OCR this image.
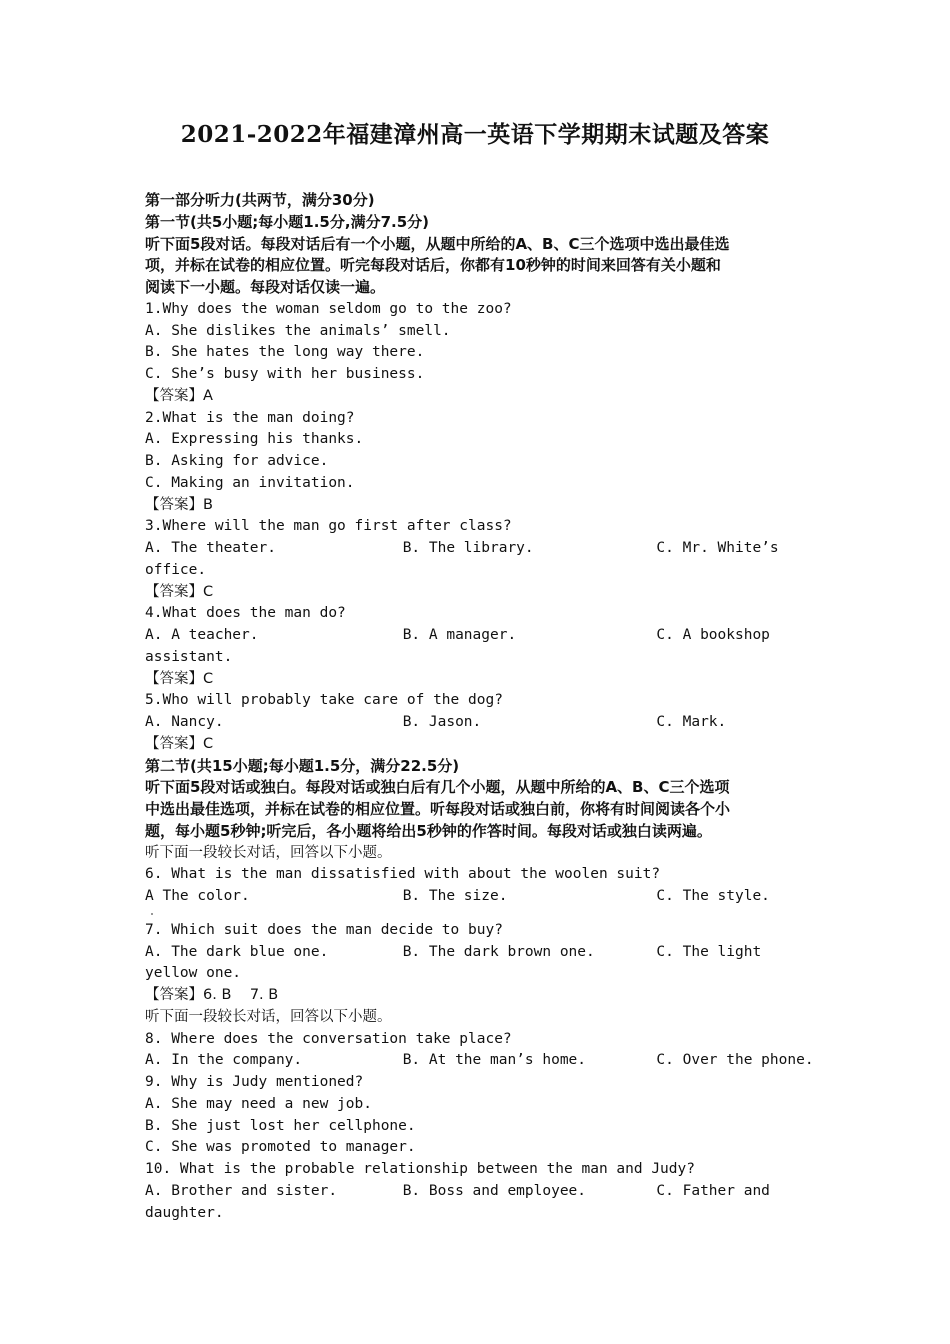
2021-2022年福建漳州高一英语下学期期末试题及答案
第一部分听力(共两节，满分30分)
第一节(共5小题;每小题1.5分,满分7.5分)
听下面5段对话。每段对话后有一个小题，从题中所给的A、B、C三个选项中选出最佳选
项，并标在试卷的相应位置。听完每段对话后，你都有10秒钟的时间来回答有关小题和
阅读下一小题。每段对话仅读一遍。
1.Why does the woman seldom go to the zoo?
A. She dislikes the animals’ smell.
B. She hates the long way there.
C. She’s busy with her business.
【答案】A
2.What is the man doing?
A. Expressing his thanks.
B. Asking for advice.
C. Making an invitation.
【答案】B
3.Where will the man go first after class?
A. The theater.	B. The library.	C. Mr. White’s
office.
【答案】C
4.What does the man do?
A. A teacher.	B. A manager.	C. A bookshop
assistant.
【答案】C
5.Who will probably take care of the dog?
A. Nancy.	B. Jason.	C. Mark.
【答案】C
第二节(共15小题;每小题1.5分，满分22.5分)
听下面5段对话或独白。每段对话或独白后有几个小题，从题中所给的A、B、C三个选项
中选出最佳选项，并标在试卷的相应位置。听每段对话或独白前，你将有时间阅读各个小
题，每小题5秒钟;听完后，各小题将给出5秒钟的作答时间。每段对话或独白读两遍。
听下面一段较长对话，回答以下小题。
6. What is the man dissatisfied with about the woolen suit?
A The color.	B. The size.	C. The style.
7. Which suit does the man decide to buy?
A. The dark blue one.	B. The dark brown one.	C. The light
yellow one.
【答案】6. B    7. B
听下面一段较长对话，回答以下小题。
8. Where does the conversation take place?
A. In the company.	B. At the man’s home.	C. Over the phone.
9. Why is Judy mentioned?
A. She may need a new job.
B. She just lost her cellphone.
C. She was promoted to manager.
10. What is the probable relationship between the man and Judy?
A. Brother and sister.	B. Boss and employee.	C. Father and
daughter.
